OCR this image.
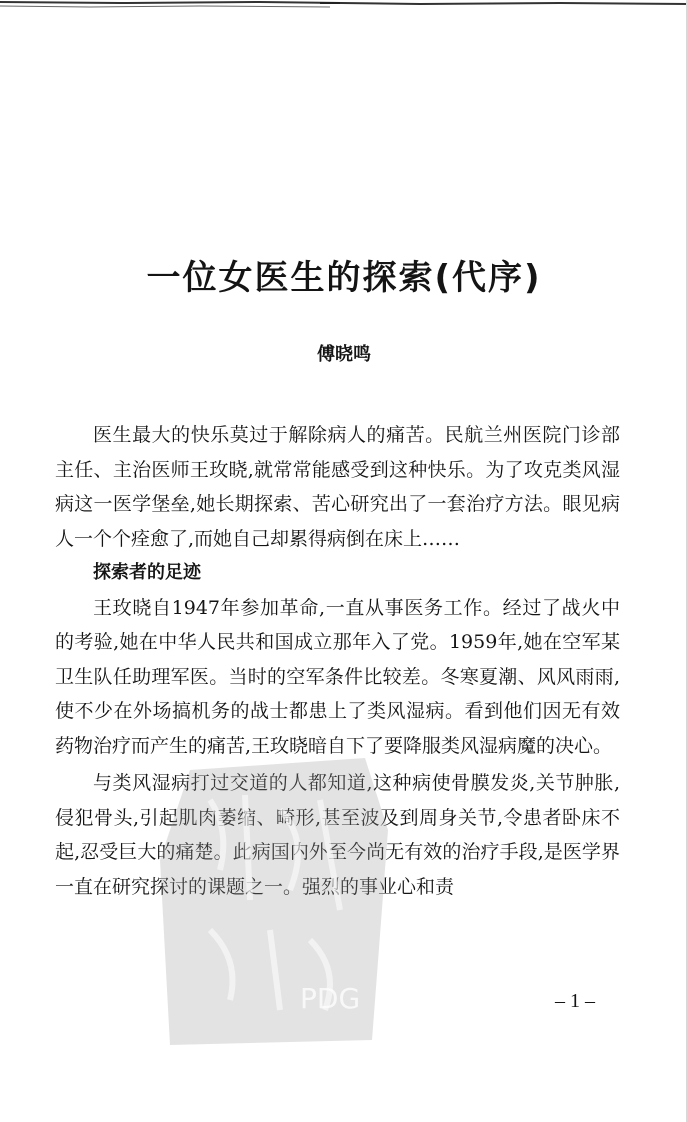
一位女医生的探索(代序)
傅晓鸣

医生最大的快乐莫过于解除病人的痛苦。民航兰州医院门诊部主任、主治医师王玫晓,就常常能感受到这种快乐。为了攻克类风湿病这一医学堡垒,她长期探索、苦心研究出了一套治疗方法。眼见病人一个个痊愈了,而她自己却累得病倒在床上……

探索者的足迹

王玫晓自1947年参加革命,一直从事医务工作。经过了战火中的考验,她在中华人民共和国成立那年入了党。1959年,她在空军某卫生队任助理军医。当时的空军条件比较差。冬寒夏潮、风风雨雨,使不少在外场搞机务的战士都患上了类风湿病。看到他们因无有效药物治疗而产生的痛苦,王玫晓暗自下了要降服类风湿病魔的决心。

与类风湿病打过交道的人都知道,这种病使骨膜发炎,关节肿胀,侵犯骨头,引起肌肉萎缩、畸形,甚至波及到周身关节,令患者卧床不起,忍受巨大的痛楚。此病国内外至今尚无有效的治疗手段,是医学界一直在研究探讨的课题之一。强烈的事业心和责

– 1 –
PDG
